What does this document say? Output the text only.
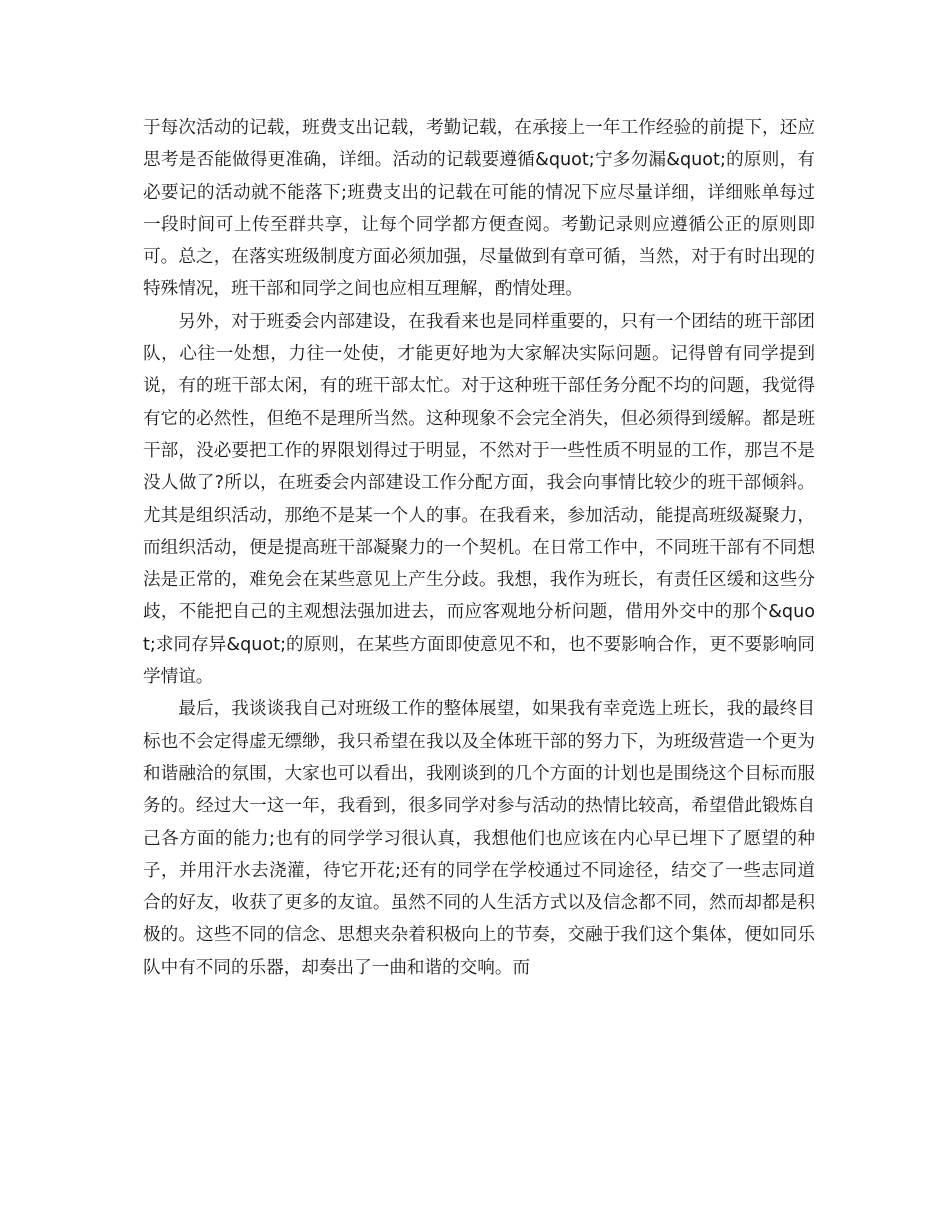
于每次活动的记载，班费支出记载，考勤记载，在承接上一年工作经验的前提下，还应思考是否能做得更准确，详细。活动的记载要遵循&quot;宁多勿漏&quot;的原则，有必要记的活动就不能落下;班费支出的记载在可能的情况下应尽量详细，详细账单每过一段时间可上传至群共享，让每个同学都方便查阅。考勤记录则应遵循公正的原则即可。总之，在落实班级制度方面必须加强，尽量做到有章可循，当然，对于有时出现的特殊情况，班干部和同学之间也应相互理解，酌情处理。

另外，对于班委会内部建设，在我看来也是同样重要的，只有一个团结的班干部团队，心往一处想，力往一处使，才能更好地为大家解决实际问题。记得曾有同学提到说，有的班干部太闲，有的班干部太忙。对于这种班干部任务分配不均的问题，我觉得有它的必然性，但绝不是理所当然。这种现象不会完全消失，但必须得到缓解。都是班干部，没必要把工作的界限划得过于明显，不然对于一些性质不明显的工作，那岂不是没人做了?所以，在班委会内部建设工作分配方面，我会向事情比较少的班干部倾斜。尤其是组织活动，那绝不是某一个人的事。在我看来，参加活动，能提高班级凝聚力，而组织活动，便是提高班干部凝聚力的一个契机。在日常工作中，不同班干部有不同想法是正常的，难免会在某些意见上产生分歧。我想，我作为班长，有责任区缓和这些分歧，不能把自己的主观想法强加进去，而应客观地分析问题，借用外交中的那个&quot;求同存异&quot;的原则，在某些方面即使意见不和，也不要影响合作，更不要影响同学情谊。

最后，我谈谈我自己对班级工作的整体展望，如果我有幸竞选上班长，我的最终目标也不会定得虚无缥缈，我只希望在我以及全体班干部的努力下，为班级营造一个更为和谐融洽的氛围，大家也可以看出，我刚谈到的几个方面的计划也是围绕这个目标而服务的。经过大一这一年，我看到，很多同学对参与活动的热情比较高，希望借此锻炼自己各方面的能力;也有的同学学习很认真，我想他们也应该在内心早已埋下了愿望的种子，并用汗水去浇灌，待它开花;还有的同学在学校通过不同途径，结交了一些志同道合的好友，收获了更多的友谊。虽然不同的人生活方式以及信念都不同，然而却都是积极的。这些不同的信念、思想夹杂着积极向上的节奏，交融于我们这个集体，便如同乐队中有不同的乐器，却奏出了一曲和谐的交响。而
